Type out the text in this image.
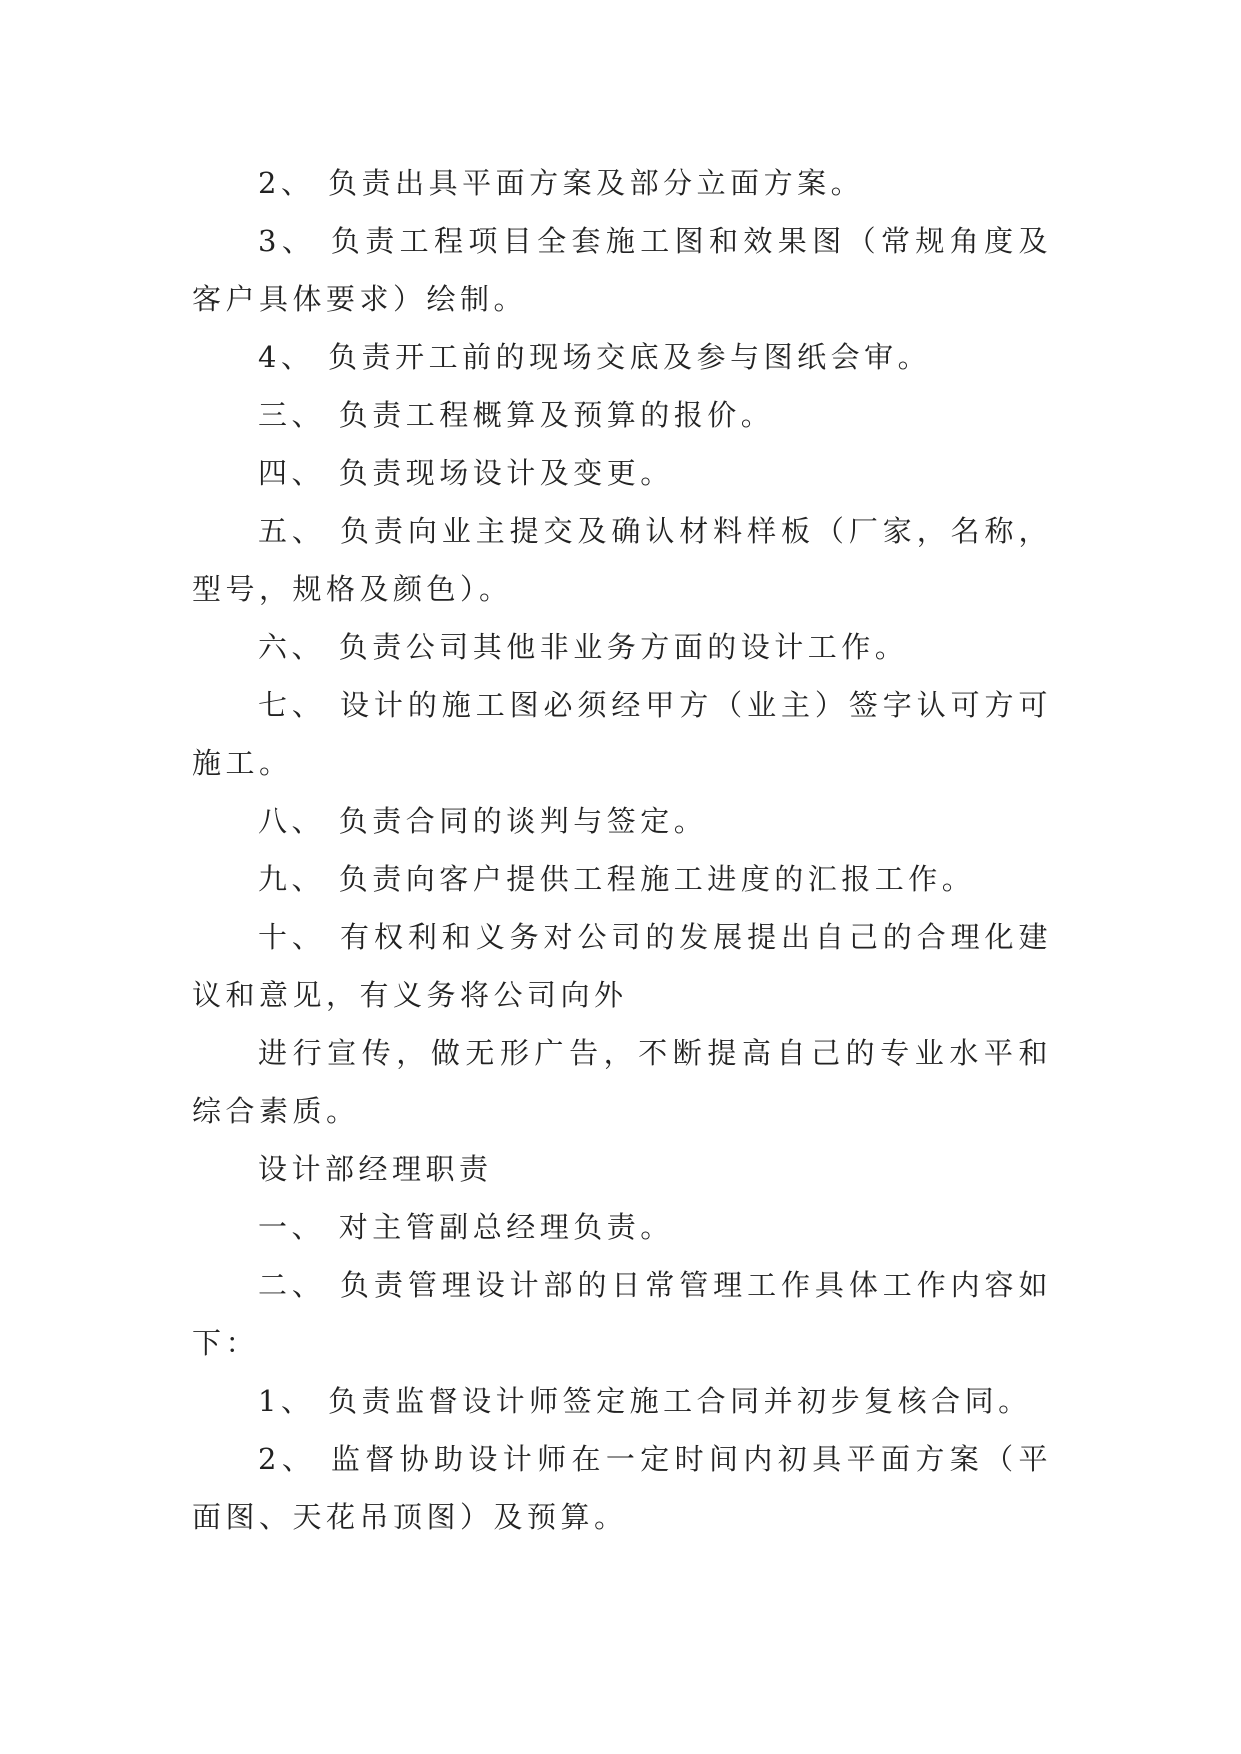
2、 负责出具平面方案及部分立面方案。

3、 负责工程项目全套施工图和效果图（常规角度及客户具体要求）绘制。

4、 负责开工前的现场交底及参与图纸会审。

三、 负责工程概算及预算的报价。

四、 负责现场设计及变更。

五、 负责向业主提交及确认材料样板（厂家，名称，型号，规格及颜色）。

六、 负责公司其他非业务方面的设计工作。

七、 设计的施工图必须经甲方（业主）签字认可方可施工。

八、 负责合同的谈判与签定。

九、 负责向客户提供工程施工进度的汇报工作。

十、 有权利和义务对公司的发展提出自己的合理化建议和意见，有义务将公司向外

进行宣传，做无形广告，不断提高自己的专业水平和综合素质。

设计部经理职责

一、 对主管副总经理负责。

二、 负责管理设计部的日常管理工作具体工作内容如下：

1、 负责监督设计师签定施工合同并初步复核合同。

2、 监督协助设计师在一定时间内初具平面方案（平面图、天花吊顶图）及预算。
